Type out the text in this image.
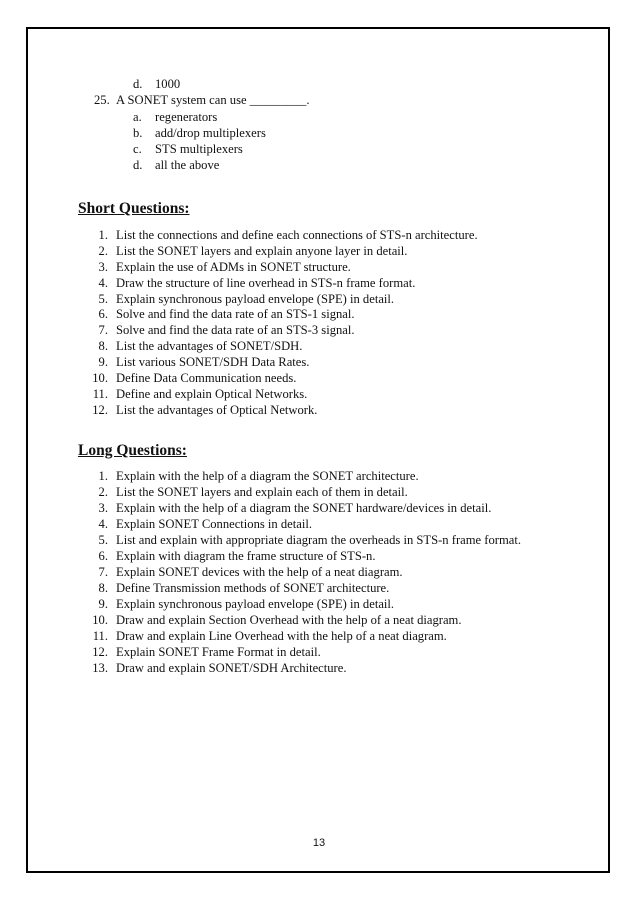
d. 1000
25. A SONET system can use _________.
a. regenerators
b. add/drop multiplexers
c. STS multiplexers
d. all the above
Short Questions:
1. List the connections and define each connections of STS-n architecture.
2. List the SONET layers and explain anyone layer in detail.
3. Explain the use of ADMs in SONET structure.
4. Draw the structure of line overhead in STS-n frame format.
5. Explain synchronous payload envelope (SPE) in detail.
6. Solve and find the data rate of an STS-1 signal.
7. Solve and find the data rate of an STS-3 signal.
8. List the advantages of SONET/SDH.
9. List various SONET/SDH Data Rates.
10. Define Data Communication needs.
11. Define and explain Optical Networks.
12. List the advantages of Optical Network.
Long Questions:
1. Explain with the help of a diagram the SONET architecture.
2. List the SONET layers and explain each of them in detail.
3. Explain with the help of a diagram the SONET hardware/devices in detail.
4. Explain SONET Connections in detail.
5. List and explain with appropriate diagram the overheads in STS-n frame format.
6. Explain with diagram the frame structure of STS-n.
7. Explain SONET devices with the help of a neat diagram.
8. Define Transmission methods of SONET architecture.
9. Explain synchronous payload envelope (SPE) in detail.
10. Draw and explain Section Overhead with the help of a neat diagram.
11. Draw and explain Line Overhead with the help of a neat diagram.
12. Explain SONET Frame Format in detail.
13. Draw and explain SONET/SDH Architecture.
13
